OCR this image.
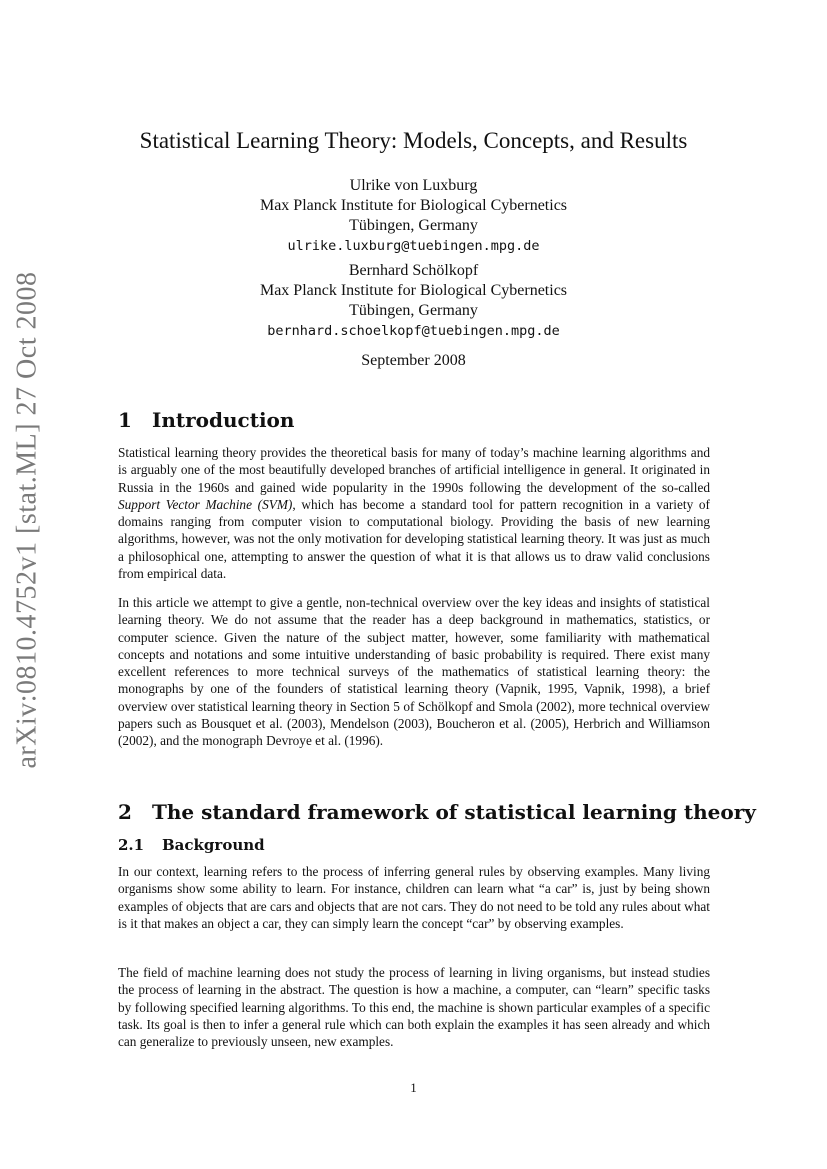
arXiv:0810.4752v1 [stat.ML] 27 Oct 2008
Statistical Learning Theory: Models, Concepts, and Results
Ulrike von Luxburg
Max Planck Institute for Biological Cybernetics
Tübingen, Germany
ulrike.luxburg@tuebingen.mpg.de
Bernhard Schölkopf
Max Planck Institute for Biological Cybernetics
Tübingen, Germany
bernhard.schoelkopf@tuebingen.mpg.de
September 2008
1 Introduction

Statistical learning theory provides the theoretical basis for many of today’s machine learning algorithms and is arguably one of the most beautifully developed branches of artificial intelligence in general. It originated in Russia in the 1960s and gained wide popularity in the 1990s following the development of the so-called Support Vector Machine (SVM), which has become a standard tool for pattern recognition in a variety of domains ranging from computer vision to computational biology. Providing the basis of new learning algorithms, however, was not the only motivation for developing statistical learning theory. It was just as much a philosophical one, attempting to answer the question of what it is that allows us to draw valid conclusions from empirical data.

In this article we attempt to give a gentle, non-technical overview over the key ideas and insights of statistical learning theory. We do not assume that the reader has a deep background in mathematics, statistics, or computer science. Given the nature of the subject matter, however, some familiarity with mathematical concepts and notations and some intuitive understanding of basic probability is required. There exist many excellent references to more technical surveys of the mathematics of statistical learning theory: the monographs by one of the founders of statistical learning theory (Vapnik, 1995, Vapnik, 1998), a brief overview over statistical learning theory in Section 5 of Schölkopf and Smola (2002), more technical overview papers such as Bousquet et al. (2003), Mendelson (2003), Boucheron et al. (2005), Herbrich and Williamson (2002), and the monograph Devroye et al. (1996).

2 The standard framework of statistical learning theory
2.1 Background

In our context, learning refers to the process of inferring general rules by observing examples. Many living organisms show some ability to learn. For instance, children can learn what “a car” is, just by being shown examples of objects that are cars and objects that are not cars. They do not need to be told any rules about what is it that makes an object a car, they can simply learn the concept “car” by observing examples.

The field of machine learning does not study the process of learning in living organisms, but instead studies the process of learning in the abstract. The question is how a machine, a computer, can “learn” specific tasks by following specified learning algorithms. To this end, the machine is shown particular examples of a specific task. Its goal is then to infer a general rule which can both explain the examples it has seen already and which can generalize to previously unseen, new examples.

1
